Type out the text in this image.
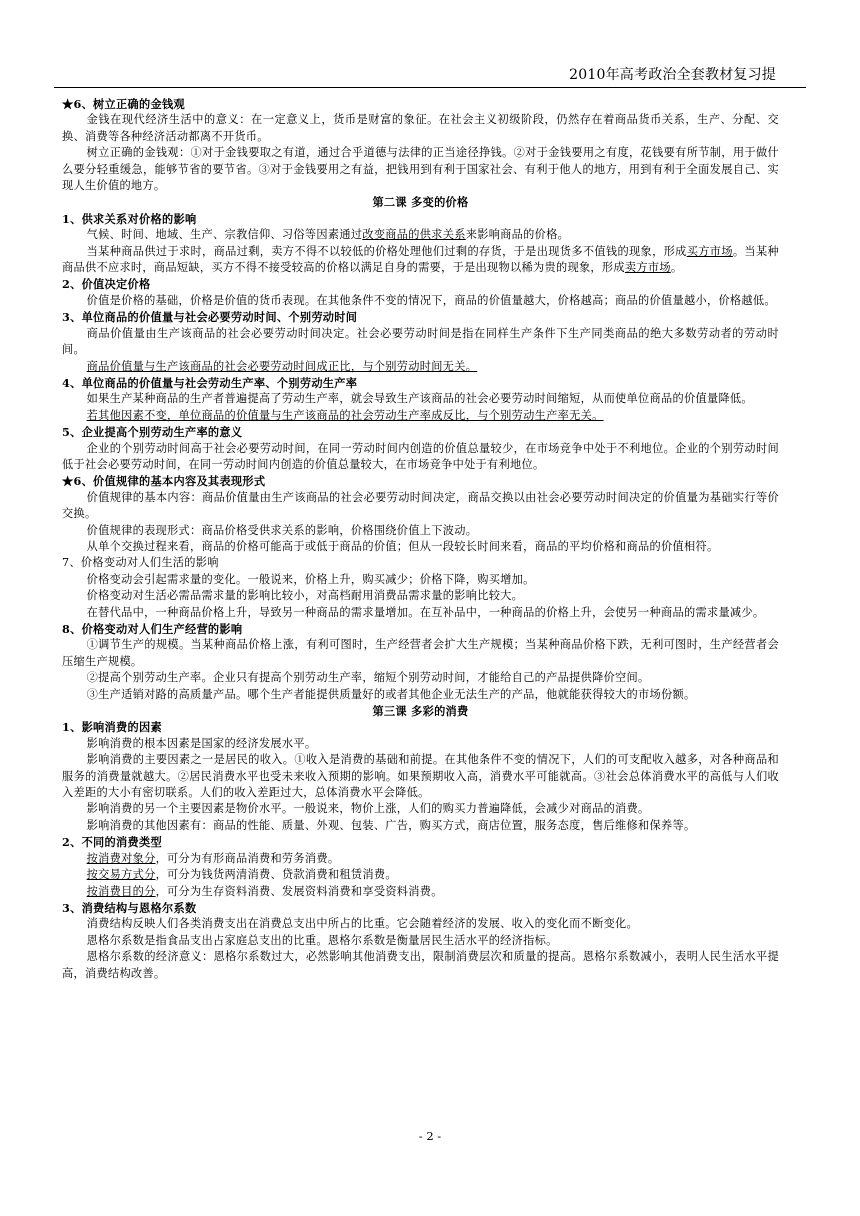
2010年高考政治全套教材复习提

★6、树立正确的金钱观

金钱在现代经济生活中的意义：在一定意义上，货币是财富的象征。在社会主义初级阶段，仍然存在着商品货币关系，生产、分配、交换、消费等各种经济活动都离不开货币。

树立正确的金钱观：①对于金钱要取之有道，通过合乎道德与法律的正当途径挣钱。②对于金钱要用之有度，花钱要有所节制，用于做什么要分轻重缓急，能够节省的要节省。③对于金钱要用之有益，把钱用到有利于国家社会、有利于他人的地方，用到有利于全面发展自己、实现人生价值的地方。

第二课 多变的价格

1、供求关系对价格的影响

气候、时间、地域、生产、宗教信仰、习俗等因素通过改变商品的供求关系来影响商品的价格。

当某种商品供过于求时，商品过剩，卖方不得不以较低的价格处理他们过剩的存货，于是出现货多不值钱的现象，形成买方市场。当某种商品供不应求时，商品短缺，买方不得不接受较高的价格以满足自身的需要，于是出现物以稀为贵的现象，形成卖方市场。

2、价值决定价格

价值是价格的基础，价格是价值的货币表现。在其他条件不变的情况下，商品的价值量越大，价格越高；商品的价值量越小，价格越低。

3、单位商品的价值量与社会必要劳动时间、个别劳动时间

商品价值量由生产该商品的社会必要劳动时间决定。社会必要劳动时间是指在同样生产条件下生产同类商品的绝大多数劳动者的劳动时间。

商品价值量与生产该商品的社会必要劳动时间成正比，与个别劳动时间无关。

4、单位商品的价值量与社会劳动生产率、个别劳动生产率

如果生产某种商品的生产者普遍提高了劳动生产率，就会导致生产该商品的社会必要劳动时间缩短，从而使单位商品的价值量降低。

若其他因素不变，单位商品的价值量与生产该商品的社会劳动生产率成反比，与个别劳动生产率无关。

5、企业提高个别劳动生产率的意义

企业的个别劳动时间高于社会必要劳动时间，在同一劳动时间内创造的价值总量较少，在市场竞争中处于不利地位。企业的个别劳动时间低于社会必要劳动时间，在同一劳动时间内创造的价值总量较大，在市场竞争中处于有利地位。

★6、价值规律的基本内容及其表现形式

价值规律的基本内容：商品价值量由生产该商品的社会必要劳动时间决定，商品交换以由社会必要劳动时间决定的价值量为基础实行等价交换。

价值规律的表现形式：商品价格受供求关系的影响，价格围绕价值上下波动。

从单个交换过程来看，商品的价格可能高于或低于商品的价值；但从一段较长时间来看，商品的平均价格和商品的价值相符。

7、价格变动对人们生活的影响

价格变动会引起需求量的变化。一般说来，价格上升，购买减少；价格下降，购买增加。

价格变动对生活必需品需求量的影响比较小，对高档耐用消费品需求量的影响比较大。

在替代品中，一种商品价格上升，导致另一种商品的需求量增加。在互补品中，一种商品的价格上升，会使另一种商品的需求量减少。

8、价格变动对人们生产经营的影响

①调节生产的规模。当某种商品价格上涨，有利可图时，生产经营者会扩大生产规模；当某种商品价格下跌，无利可图时，生产经营者会压缩生产规模。

②提高个别劳动生产率。企业只有提高个别劳动生产率，缩短个别劳动时间，才能给自己的产品提供降价空间。

③生产适销对路的高质量产品。哪个生产者能提供质量好的或者其他企业无法生产的产品，他就能获得较大的市场份额。

第三课 多彩的消费

1、影响消费的因素

影响消费的根本因素是国家的经济发展水平。

影响消费的主要因素之一是居民的收入。①收入是消费的基础和前提。在其他条件不变的情况下，人们的可支配收入越多，对各种商品和服务的消费量就越大。②居民消费水平也受未来收入预期的影响。如果预期收入高，消费水平可能就高。③社会总体消费水平的高低与人们收入差距的大小有密切联系。人们的收入差距过大，总体消费水平会降低。

影响消费的另一个主要因素是物价水平。一般说来，物价上涨，人们的购买力普遍降低，会减少对商品的消费。

影响消费的其他因素有：商品的性能、质量、外观、包装、广告，购买方式，商店位置，服务态度，售后维修和保养等。

2、不同的消费类型

按消费对象分，可分为有形商品消费和劳务消费。

按交易方式分，可分为钱货两清消费、贷款消费和租赁消费。

按消费目的分，可分为生存资料消费、发展资料消费和享受资料消费。

3、消费结构与恩格尔系数

消费结构反映人们各类消费支出在消费总支出中所占的比重。它会随着经济的发展、收入的变化而不断变化。

恩格尔系数是指食品支出占家庭总支出的比重。恩格尔系数是衡量居民生活水平的经济指标。

恩格尔系数的经济意义：恩格尔系数过大，必然影响其他消费支出，限制消费层次和质量的提高。恩格尔系数减小，表明人民生活水平提高，消费结构改善。

- 2 -
